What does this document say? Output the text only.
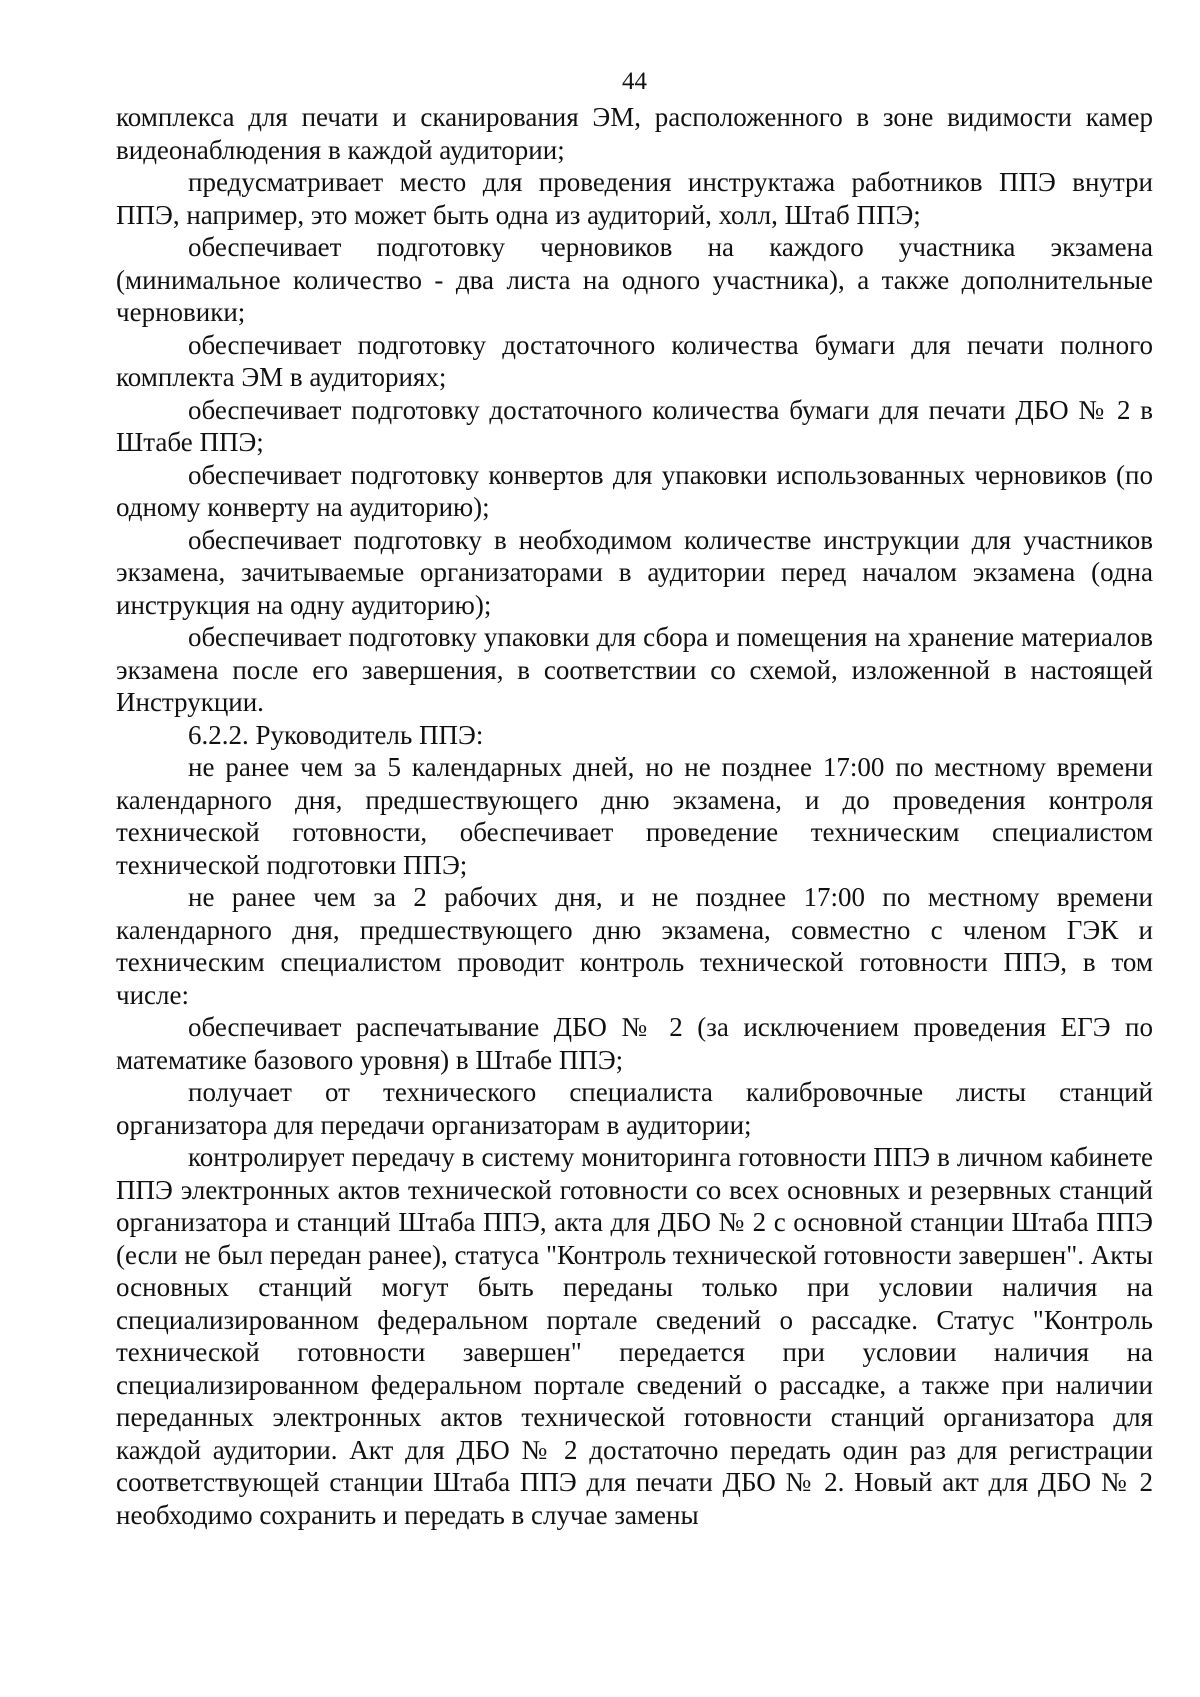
44

комплекса для печати и сканирования ЭМ, расположенного в зоне видимости камер видеонаблюдения в каждой аудитории;

предусматривает место для проведения инструктажа работников ППЭ внутри ППЭ, например, это может быть одна из аудиторий, холл, Штаб ППЭ;

обеспечивает подготовку черновиков на каждого участника экзамена (минимальное количество - два листа на одного участника), а также дополнительные черновики;

обеспечивает подготовку достаточного количества бумаги для печати полного комплекта ЭМ в аудиториях;

обеспечивает подготовку достаточного количества бумаги для печати ДБО № 2 в Штабе ППЭ;

обеспечивает подготовку конвертов для упаковки использованных черновиков (по одному конверту на аудиторию);

обеспечивает подготовку в необходимом количестве инструкции для участников экзамена, зачитываемые организаторами в аудитории перед началом экзамена (одна инструкция на одну аудиторию);

обеспечивает подготовку упаковки для сбора и помещения на хранение материалов экзамена после его завершения, в соответствии со схемой, изложенной в настоящей Инструкции.

6.2.2. Руководитель ППЭ:

не ранее чем за 5 календарных дней, но не позднее 17:00 по местному времени календарного дня, предшествующего дню экзамена, и до проведения контроля технической готовности, обеспечивает проведение техническим специалистом технической подготовки ППЭ;

не ранее чем за 2 рабочих дня, и не позднее 17:00 по местному времени календарного дня, предшествующего дню экзамена, совместно с членом ГЭК и техническим специалистом проводит контроль технической готовности ППЭ, в том числе:

обеспечивает распечатывание ДБО № 2 (за исключением проведения ЕГЭ по математике базового уровня) в Штабе ППЭ;

получает от технического специалиста калибровочные листы станций организатора для передачи организаторам в аудитории;

контролирует передачу в систему мониторинга готовности ППЭ в личном кабинете ППЭ электронных актов технической готовности со всех основных и резервных станций организатора и станций Штаба ППЭ, акта для ДБО № 2 с основной станции Штаба ППЭ (если не был передан ранее), статуса "Контроль технической готовности завершен". Акты основных станций могут быть переданы только при условии наличия на специализированном федеральном портале сведений о рассадке. Статус "Контроль технической готовности завершен" передается при условии наличия на специализированном федеральном портале сведений о рассадке, а также при наличии переданных электронных актов технической готовности станций организатора для каждой аудитории. Акт для ДБО № 2 достаточно передать один раз для регистрации соответствующей станции Штаба ППЭ для печати ДБО № 2. Новый акт для ДБО № 2 необходимо сохранить и передать в случае замены
